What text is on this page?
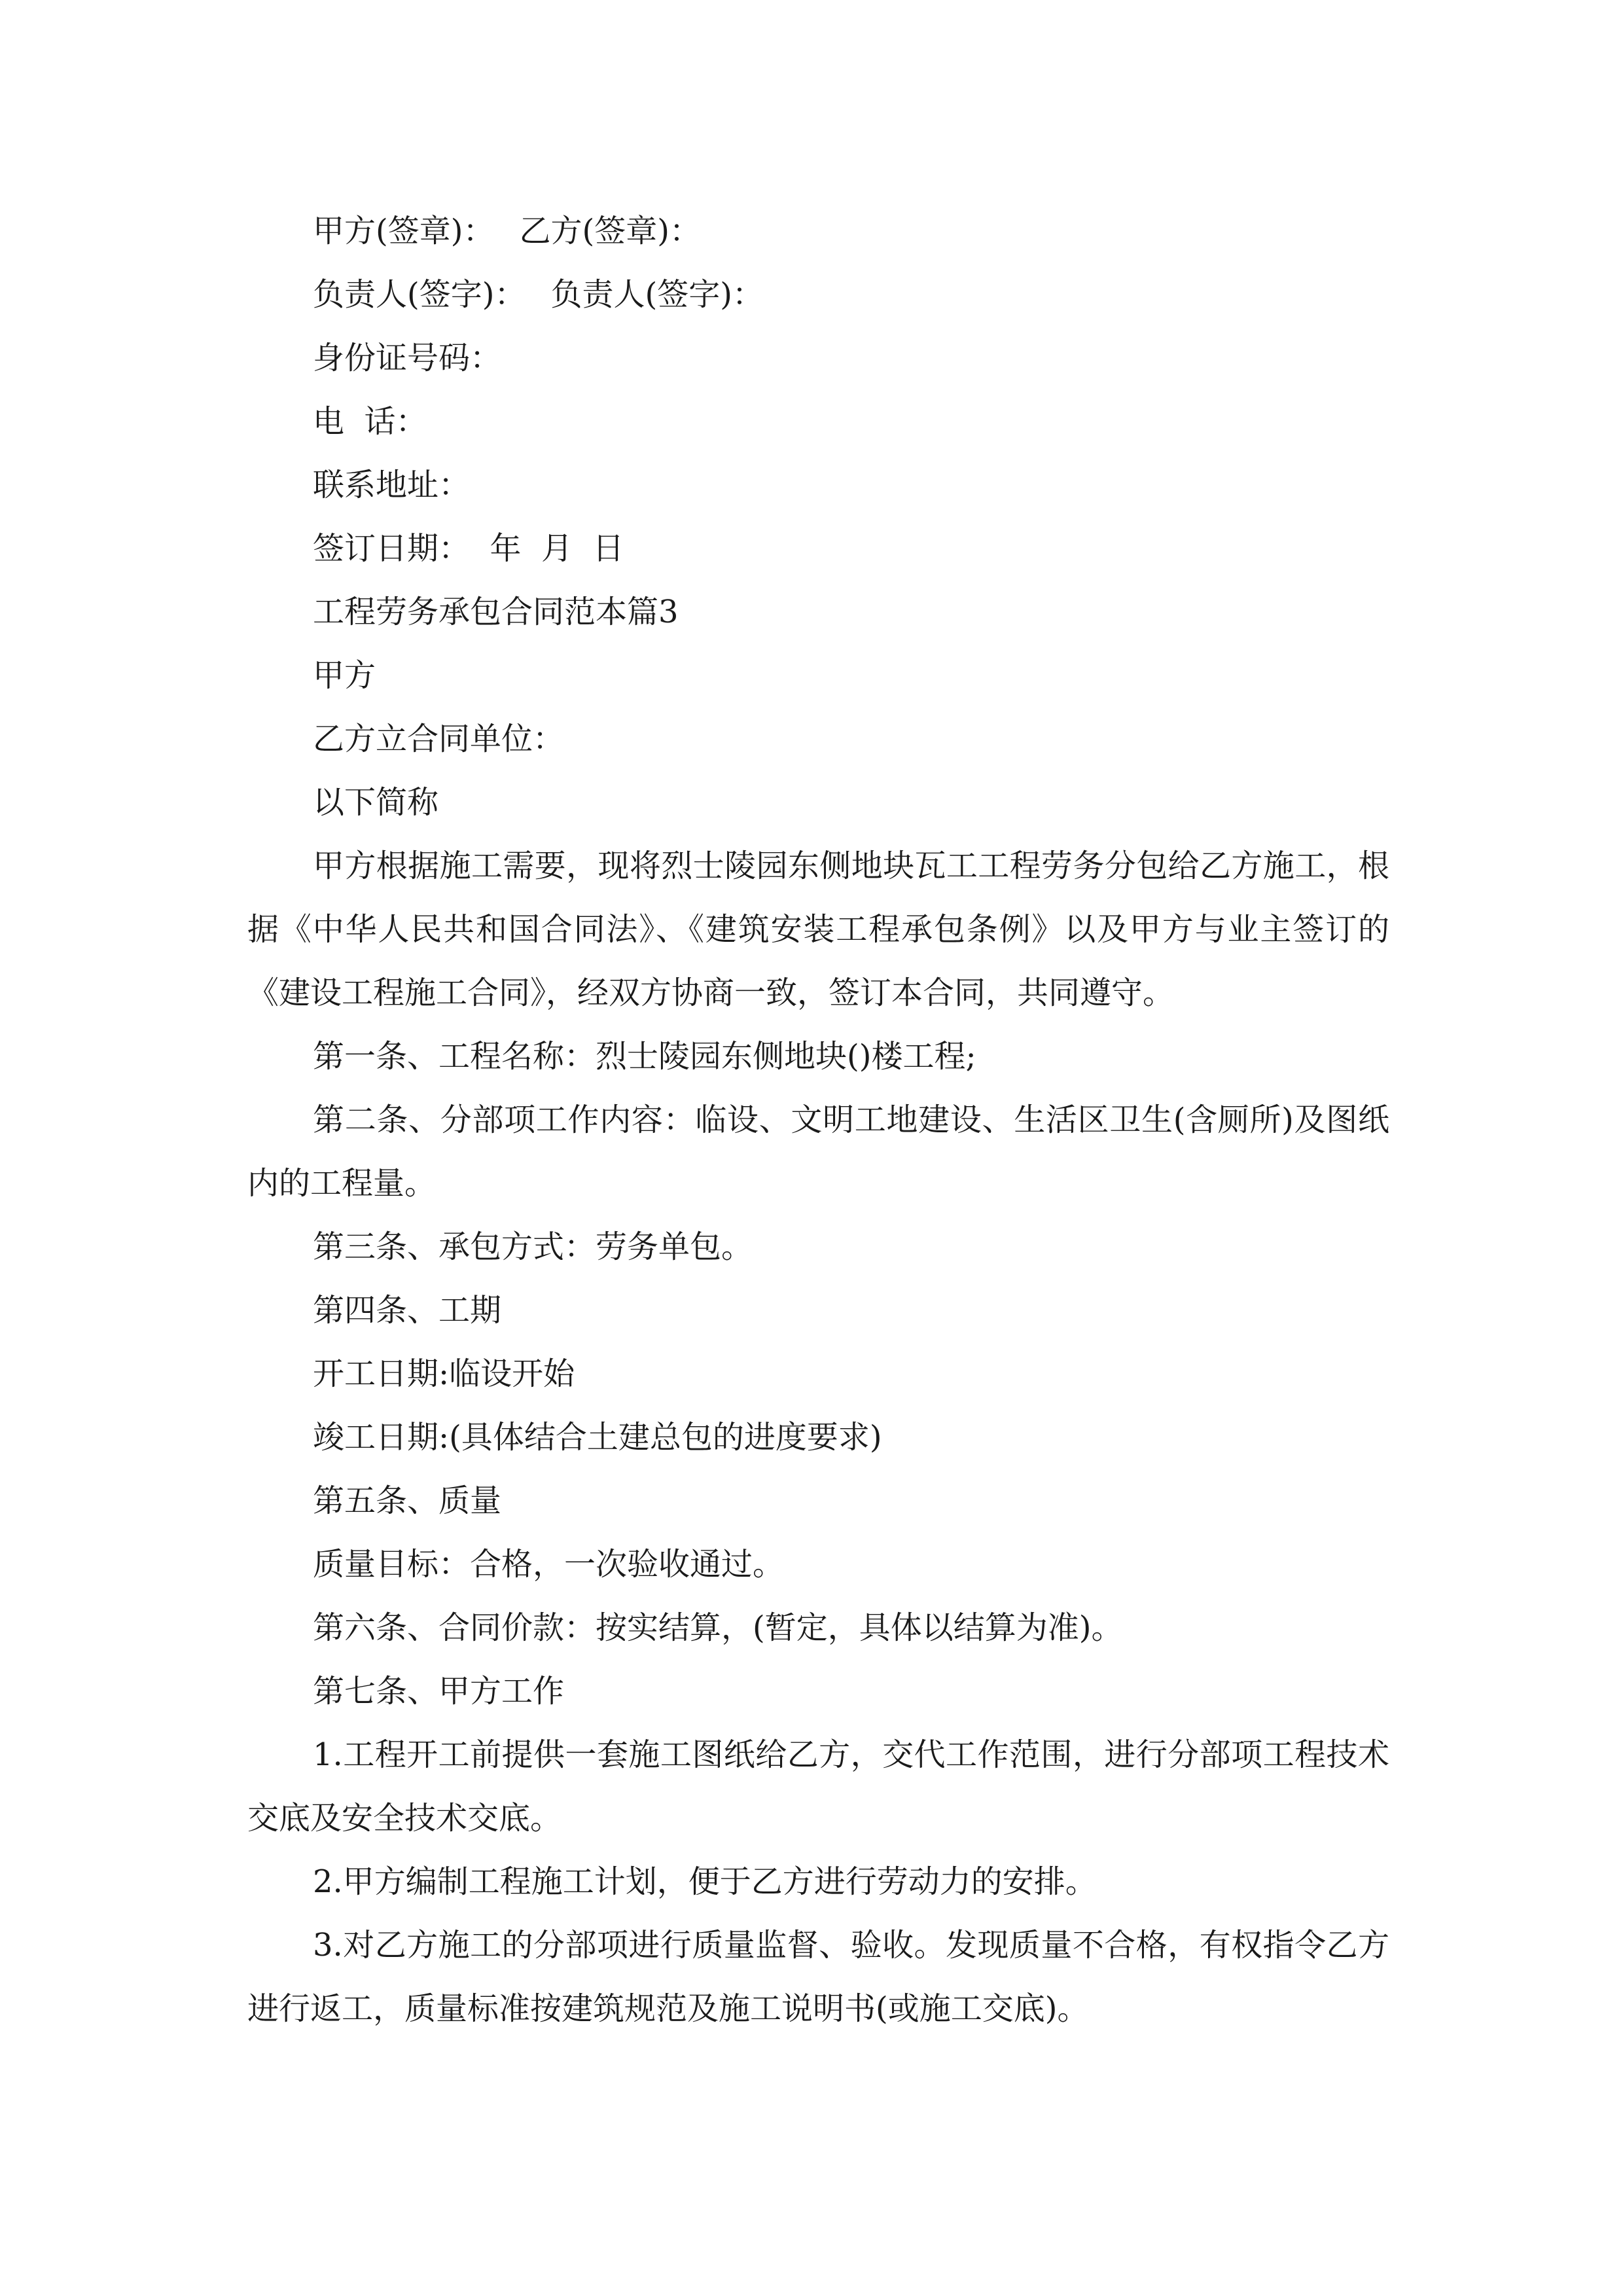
甲方(签章)： 乙方(签章)：

负责人(签字)： 负责人(签字)：

身份证号码：

电  话：

联系地址：

签订日期：  年  月  日

工程劳务承包合同范本篇3

甲方

乙方立合同单位：

以下简称

甲方根据施工需要，现将烈士陵园东侧地块瓦工工程劳务分包给乙方施工，根据《中华人民共和国合同法》、《建筑安装工程承包条例》以及甲方与业主签订的《建设工程施工合同》，经双方协商一致，签订本合同，共同遵守。

第一条、工程名称：烈士陵园东侧地块()楼工程;

第二条、分部项工作内容：临设、文明工地建设、生活区卫生(含厕所)及图纸内的工程量。

第三条、承包方式：劳务单包。

第四条、工期

开工日期:临设开始

竣工日期:(具体结合土建总包的进度要求)

第五条、质量

质量目标：合格，一次验收通过。

第六条、合同价款：按实结算，(暂定，具体以结算为准)。

第七条、甲方工作

1.工程开工前提供一套施工图纸给乙方，交代工作范围，进行分部项工程技术交底及安全技术交底。

2.甲方编制工程施工计划，便于乙方进行劳动力的安排。

3.对乙方施工的分部项进行质量监督、验收。发现质量不合格，有权指令乙方进行返工，质量标准按建筑规范及施工说明书(或施工交底)。
